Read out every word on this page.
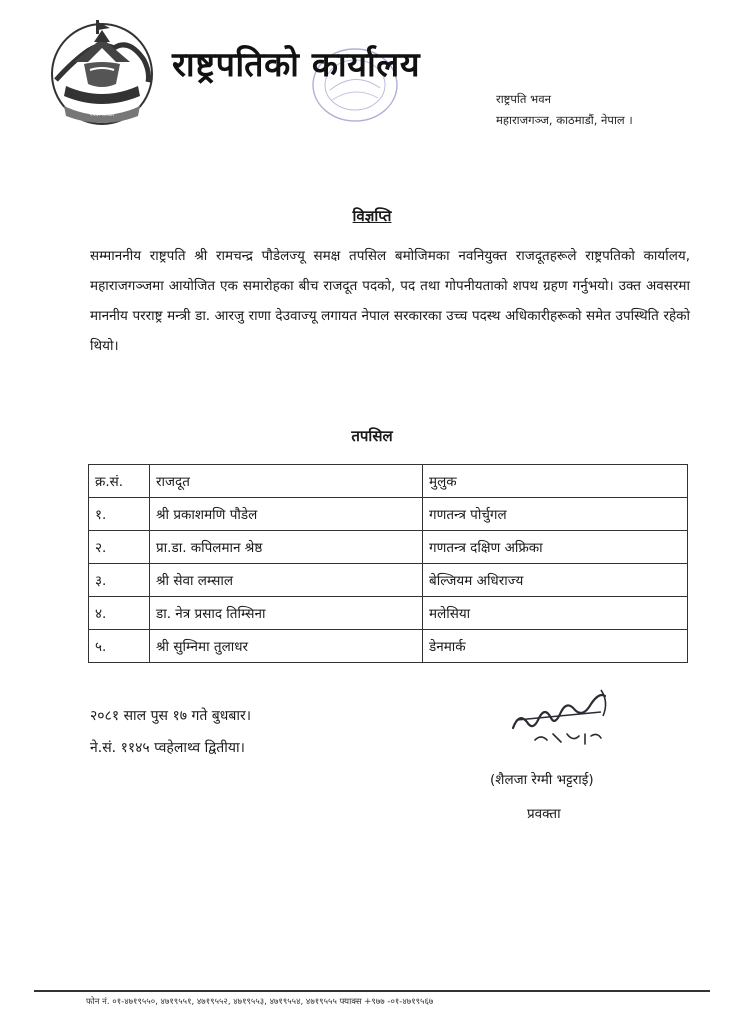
नेपाल सरकार
राष्ट्रपतिको कार्यालय
राष्ट्रपति भवन
महाराजगञ्ज, काठमाडौं, नेपाल ।
विज्ञप्ति
सम्माननीय राष्ट्रपति श्री रामचन्द्र पौडेलज्यू समक्ष तपसिल बमोजिमका नवनियुक्त राजदूतहरूले राष्ट्रपतिको कार्यालय, महाराजगञ्जमा आयोजित एक समारोहका बीच राजदूत पदको, पद तथा गोपनीयताको शपथ ग्रहण गर्नुभयो। उक्त अवसरमा माननीय परराष्ट्र मन्त्री डा. आरजु राणा देउवाज्यू लगायत नेपाल सरकारका उच्च पदस्थ अधिकारीहरूको समेत उपस्थिति रहेको थियो।
तपसिल
क्र.सं.	राजदूत	मुलुक
१.	श्री प्रकाशमणि पौडेल	गणतन्त्र पोर्चुगल
२.	प्रा.डा. कपिलमान श्रेष्ठ	गणतन्त्र दक्षिण अफ्रिका
३.	श्री सेवा लम्साल	बेल्जियम अधिराज्य
४.	डा. नेत्र प्रसाद तिम्सिना	मलेसिया
५.	श्री सुम्निमा तुलाधर	डेनमार्क
२०८१ साल पुस १७ गते बुधबार।
ने.सं. ११४५ प्वहेलाथ्व द्वितीया।
(शैलजा रेग्मी भट्टराई)
प्रवक्ता
फोन नं. ०१-४७१९५५०, ४७१९५५१, ४७१९५५२, ४७१९५५३, ४७१९५५४, ४७१९५५५ फ्याक्स +९७७ -०१-४७१९५६७
